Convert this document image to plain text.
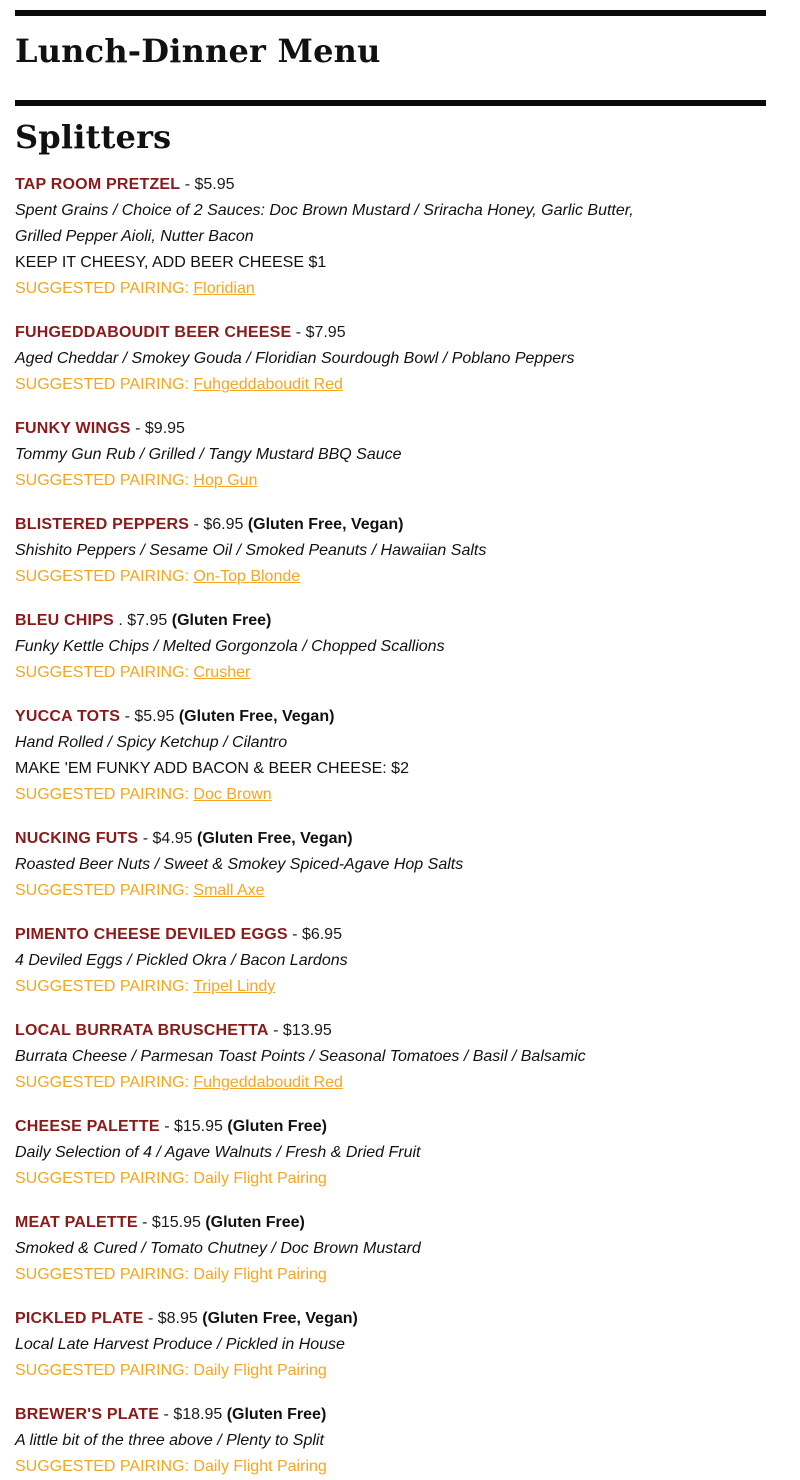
Lunch-Dinner Menu
Splitters
TAP ROOM PRETZEL - $5.95
Spent Grains / Choice of 2 Sauces: Doc Brown Mustard / Sriracha Honey, Garlic Butter,
Grilled Pepper Aioli, Nutter Bacon
KEEP IT CHEESY, ADD BEER CHEESE $1
SUGGESTED PAIRING: Floridian
FUHGEDDABOUDIT BEER CHEESE - $7.95
Aged Cheddar / Smokey Gouda / Floridian Sourdough Bowl / Poblano Peppers
SUGGESTED PAIRING: Fuhgeddaboudit Red
FUNKY WINGS - $9.95
Tommy Gun Rub / Grilled / Tangy Mustard BBQ Sauce
SUGGESTED PAIRING: Hop Gun
BLISTERED PEPPERS - $6.95 (Gluten Free, Vegan)
Shishito Peppers / Sesame Oil / Smoked Peanuts / Hawaiian Salts
SUGGESTED PAIRING: On-Top Blonde
BLEU CHIPS . $7.95 (Gluten Free)
Funky Kettle Chips / Melted Gorgonzola / Chopped Scallions
SUGGESTED PAIRING: Crusher
YUCCA TOTS - $5.95 (Gluten Free, Vegan)
Hand Rolled / Spicy Ketchup / Cilantro
MAKE 'EM FUNKY ADD BACON & BEER CHEESE: $2
SUGGESTED PAIRING: Doc Brown
NUCKING FUTS - $4.95 (Gluten Free, Vegan)
Roasted Beer Nuts / Sweet & Smokey Spiced-Agave Hop Salts
SUGGESTED PAIRING: Small Axe
PIMENTO CHEESE DEVILED EGGS - $6.95
4 Deviled Eggs / Pickled Okra / Bacon Lardons
SUGGESTED PAIRING: Tripel Lindy
LOCAL BURRATA BRUSCHETTA - $13.95
Burrata Cheese / Parmesan Toast Points / Seasonal Tomatoes / Basil / Balsamic
SUGGESTED PAIRING: Fuhgeddaboudit Red
CHEESE PALETTE - $15.95 (Gluten Free)
Daily Selection of 4 / Agave Walnuts / Fresh & Dried Fruit
SUGGESTED PAIRING: Daily Flight Pairing
MEAT PALETTE - $15.95 (Gluten Free)
Smoked & Cured / Tomato Chutney / Doc Brown Mustard
SUGGESTED PAIRING: Daily Flight Pairing
PICKLED PLATE - $8.95 (Gluten Free, Vegan)
Local Late Harvest Produce / Pickled in House
SUGGESTED PAIRING: Daily Flight Pairing
BREWER'S PLATE - $18.95 (Gluten Free)
A little bit of the three above / Plenty to Split
SUGGESTED PAIRING: Daily Flight Pairing
